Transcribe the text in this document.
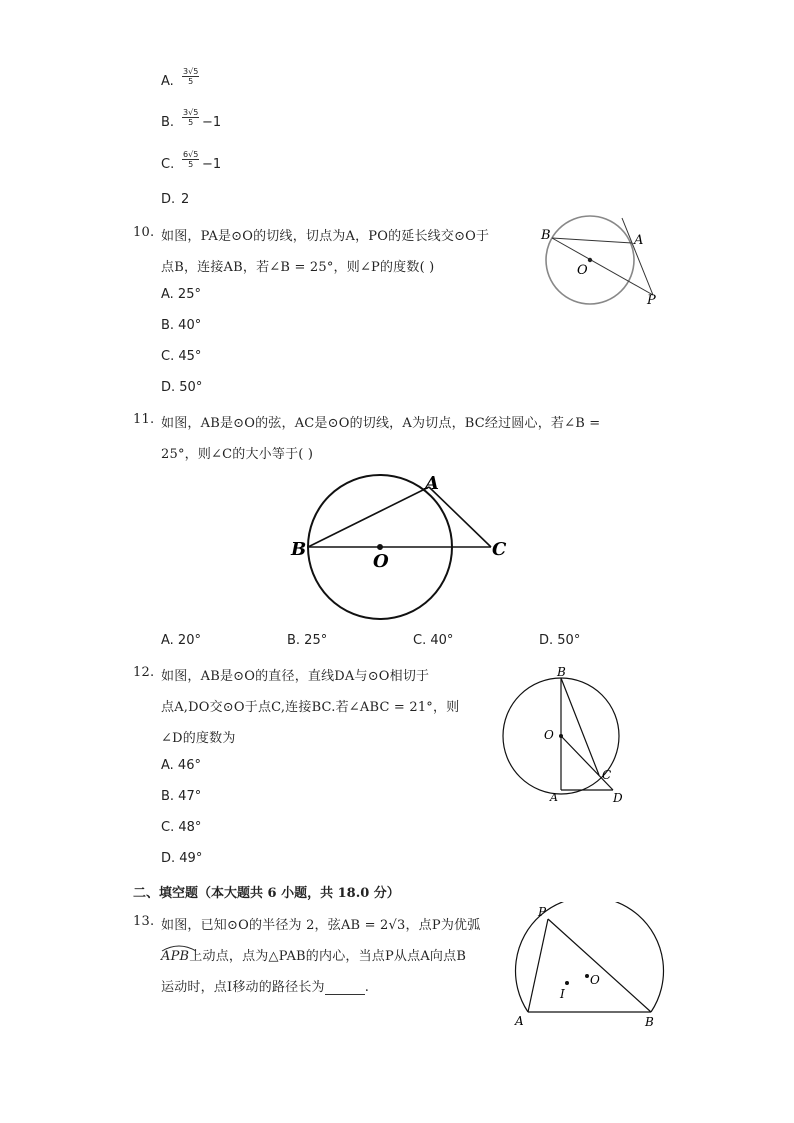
A. $\frac{3√5}{5}$
B. $\frac{3√5}{5} -1$
C. $\frac{6√5}{5} -1$
D. 2
10. 如图，PA是⊙O的切线，切点为A，PO的延长线交⊙O于
点B，连接AB，若∠B = 25°，则∠P的度数( )
A. 25°
B. 40°
C. 45°
D. 50°
B	A
O
P
11. 如图，AB是⊙O的弦，AC是⊙O的切线，A为切点，BC经过圆心，若∠B =
25°，则∠C的大小等于( )
A
B
O
C
A. 20°	B. 25°	C. 40°	D. 50°
12. 如图，AB是⊙O的直径，直线DA与⊙O相切于
点A,DO交⊙O于点C,连接BC.若∠ABC = 21°，则
∠D的度数为
A. 46°
B. 47°
C. 48°
D. 49°
B
O
C
A	D
二、填空题（本大题共 6 小题，共 18.0 分）
13. 如图，已知⊙O的半径为 2，弦AB = 2√3，点P为优弧
APB上动点，点为△PAB的内心，当点P从点A向点B
运动时，点I移动的路径长为	.
P
I
O
A	B
